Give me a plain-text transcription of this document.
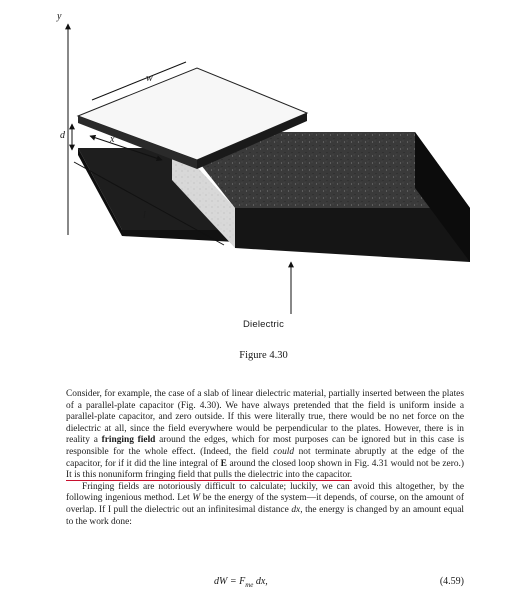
y
w
d	x
l
Dielectric
Figure 4.30

Consider, for example, the case of a slab of linear dielectric material, partially inserted between the plates of a parallel-plate capacitor (Fig. 4.30). We have always pretended that the field is uniform inside a parallel-plate capacitor, and zero outside. If this were literally true, there would be no net force on the dielectric at all, since the field everywhere would be perpendicular to the plates. However, there is in reality a fringing field around the edges, which for most purposes can be ignored but in this case is responsible for the whole effect. (Indeed, the field could not terminate abruptly at the edge of the capacitor, for if it did the line integral of E around the closed loop shown in Fig. 4.31 would not be zero.) It is this nonuniform fringing field that pulls the dielectric into the capacitor.

Fringing fields are notoriously difficult to calculate; luckily, we can avoid this altogether, by the following ingenious method. Let W be the energy of the system—it depends, of course, on the amount of overlap. If I pull the dielectric out an infinitesimal distance dx, the energy is changed by an amount equal to the work done:

dW = $F_{me}$ dx,	(4.59)
